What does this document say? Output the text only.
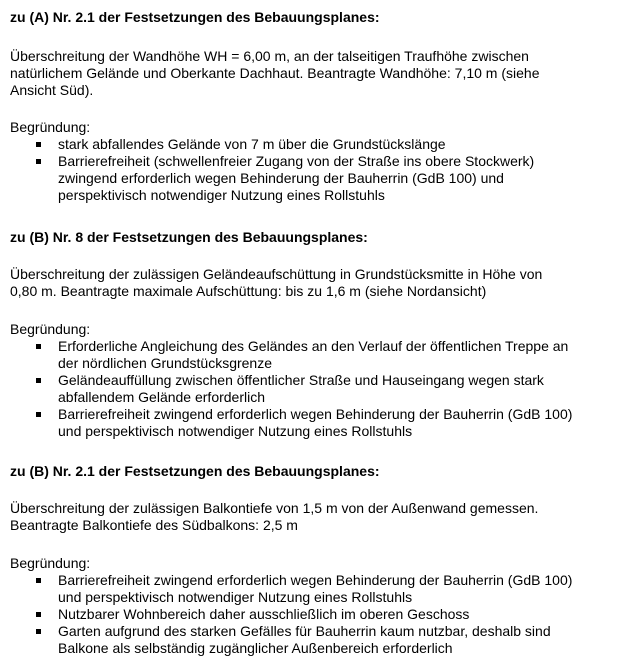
zu (A) Nr. 2.1 der Festsetzungen des Bebauungsplanes:

Überschreitung der Wandhöhe WH = 6,00 m, an der talseitigen Traufhöhe zwischen
natürlichem Gelände und Oberkante Dachhaut. Beantragte Wandhöhe: 7,10 m (siehe
Ansicht Süd).

Begründung:

stark abfallendes Gelände von 7 m über die Grundstückslänge
Barrierefreiheit (schwellenfreier Zugang von der Straße ins obere Stockwerk)
zwingend erforderlich wegen Behinderung der Bauherrin (GdB 100) und
perspektivisch notwendiger Nutzung eines Rollstuhls

zu (B) Nr. 8 der Festsetzungen des Bebauungsplanes:

Überschreitung der zulässigen Geländeaufschüttung in Grundstücksmitte in Höhe von
0,80 m. Beantragte maximale Aufschüttung: bis zu 1,6 m (siehe Nordansicht)

Begründung:

Erforderliche Angleichung des Geländes an den Verlauf der öffentlichen Treppe an
der nördlichen Grundstücksgrenze
Geländeauffüllung zwischen öffentlicher Straße und Hauseingang wegen stark
abfallendem Gelände erforderlich
Barrierefreiheit zwingend erforderlich wegen Behinderung der Bauherrin (GdB 100)
und perspektivisch notwendiger Nutzung eines Rollstuhls

zu (B) Nr. 2.1 der Festsetzungen des Bebauungsplanes:

Überschreitung der zulässigen Balkontiefe von 1,5 m von der Außenwand gemessen.
Beantragte Balkontiefe des Südbalkons: 2,5 m

Begründung:

Barrierefreiheit zwingend erforderlich wegen Behinderung der Bauherrin (GdB 100)
und perspektivisch notwendiger Nutzung eines Rollstuhls
Nutzbarer Wohnbereich daher ausschließlich im oberen Geschoss
Garten aufgrund des starken Gefälles für Bauherrin kaum nutzbar, deshalb sind
Balkone als selbständig zugänglicher Außenbereich erforderlich
